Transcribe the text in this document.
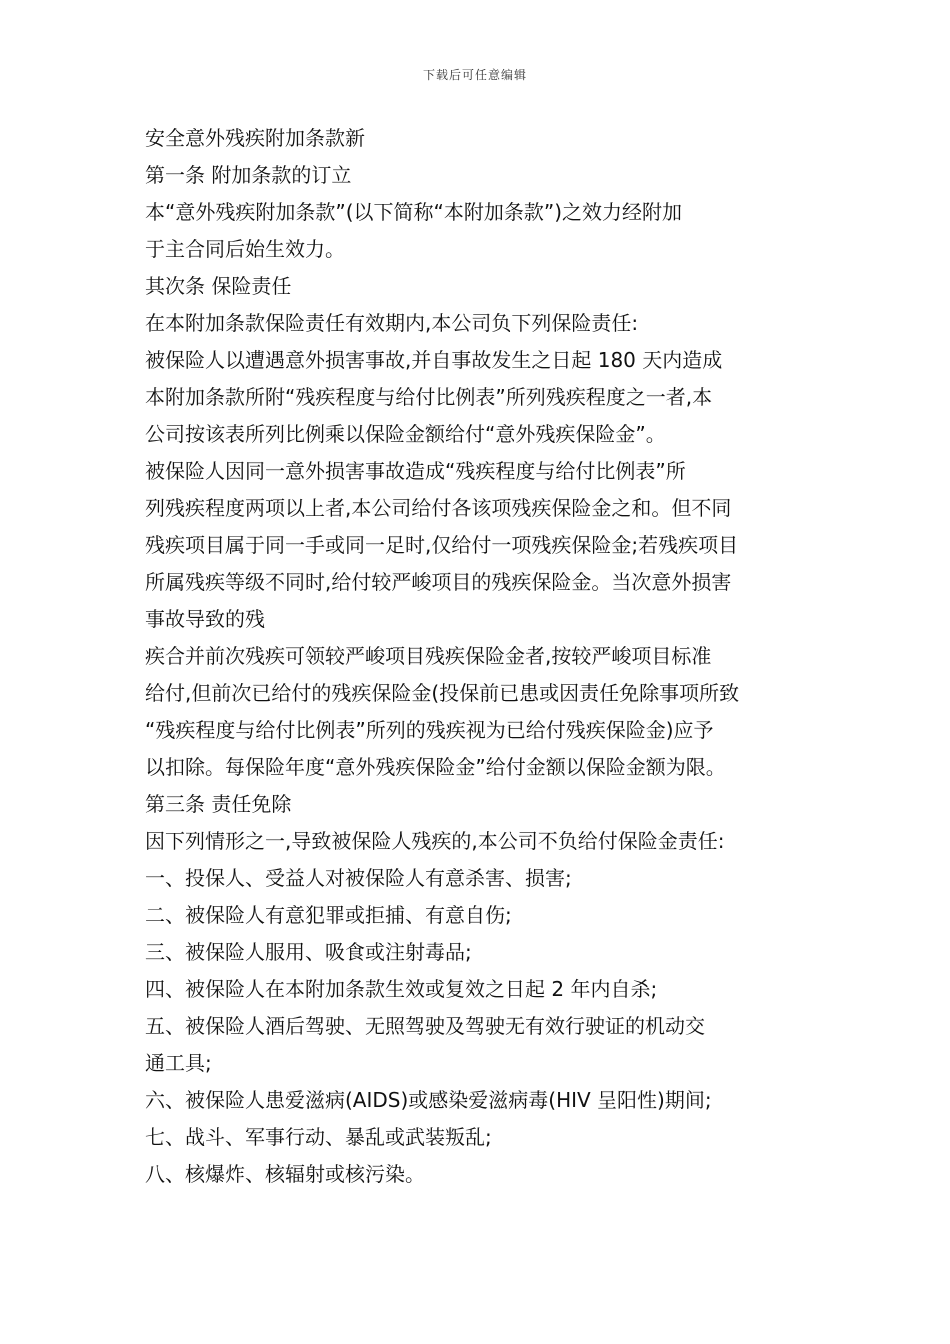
下载后可任意编辑

安全意外残疾附加条款新

第一条 附加条款的订立

本“意外残疾附加条款”(以下简称“本附加条款”)之效力经附加

于主合同后始生效力。

其次条 保险责任

在本附加条款保险责任有效期内,本公司负下列保险责任:

被保险人以遭遇意外损害事故,并自事故发生之日起 180 天内造成

本附加条款所附“残疾程度与给付比例表”所列残疾程度之一者,本

公司按该表所列比例乘以保险金额给付“意外残疾保险金”。

被保险人因同一意外损害事故造成“残疾程度与给付比例表”所

列残疾程度两项以上者,本公司给付各该项残疾保险金之和。但不同

残疾项目属于同一手或同一足时,仅给付一项残疾保险金;若残疾项目

所属残疾等级不同时,给付较严峻项目的残疾保险金。当次意外损害

事故导致的残

疾合并前次残疾可领较严峻项目残疾保险金者,按较严峻项目标准

给付,但前次已给付的残疾保险金(投保前已患或因责任免除事项所致

“残疾程度与给付比例表”所列的残疾视为已给付残疾保险金)应予

以扣除。每保险年度“意外残疾保险金”给付金额以保险金额为限。

第三条 责任免除

因下列情形之一,导致被保险人残疾的,本公司不负给付保险金责任:

一、投保人、受益人对被保险人有意杀害、损害;

二、被保险人有意犯罪或拒捕、有意自伤;

三、被保险人服用、吸食或注射毒品;

四、被保险人在本附加条款生效或复效之日起 2 年内自杀;

五、被保险人酒后驾驶、无照驾驶及驾驶无有效行驶证的机动交

通工具;

六、被保险人患爱滋病(AIDS)或感染爱滋病毒(HIV 呈阳性)期间;

七、战斗、军事行动、暴乱或武装叛乱;

八、核爆炸、核辐射或核污染。
